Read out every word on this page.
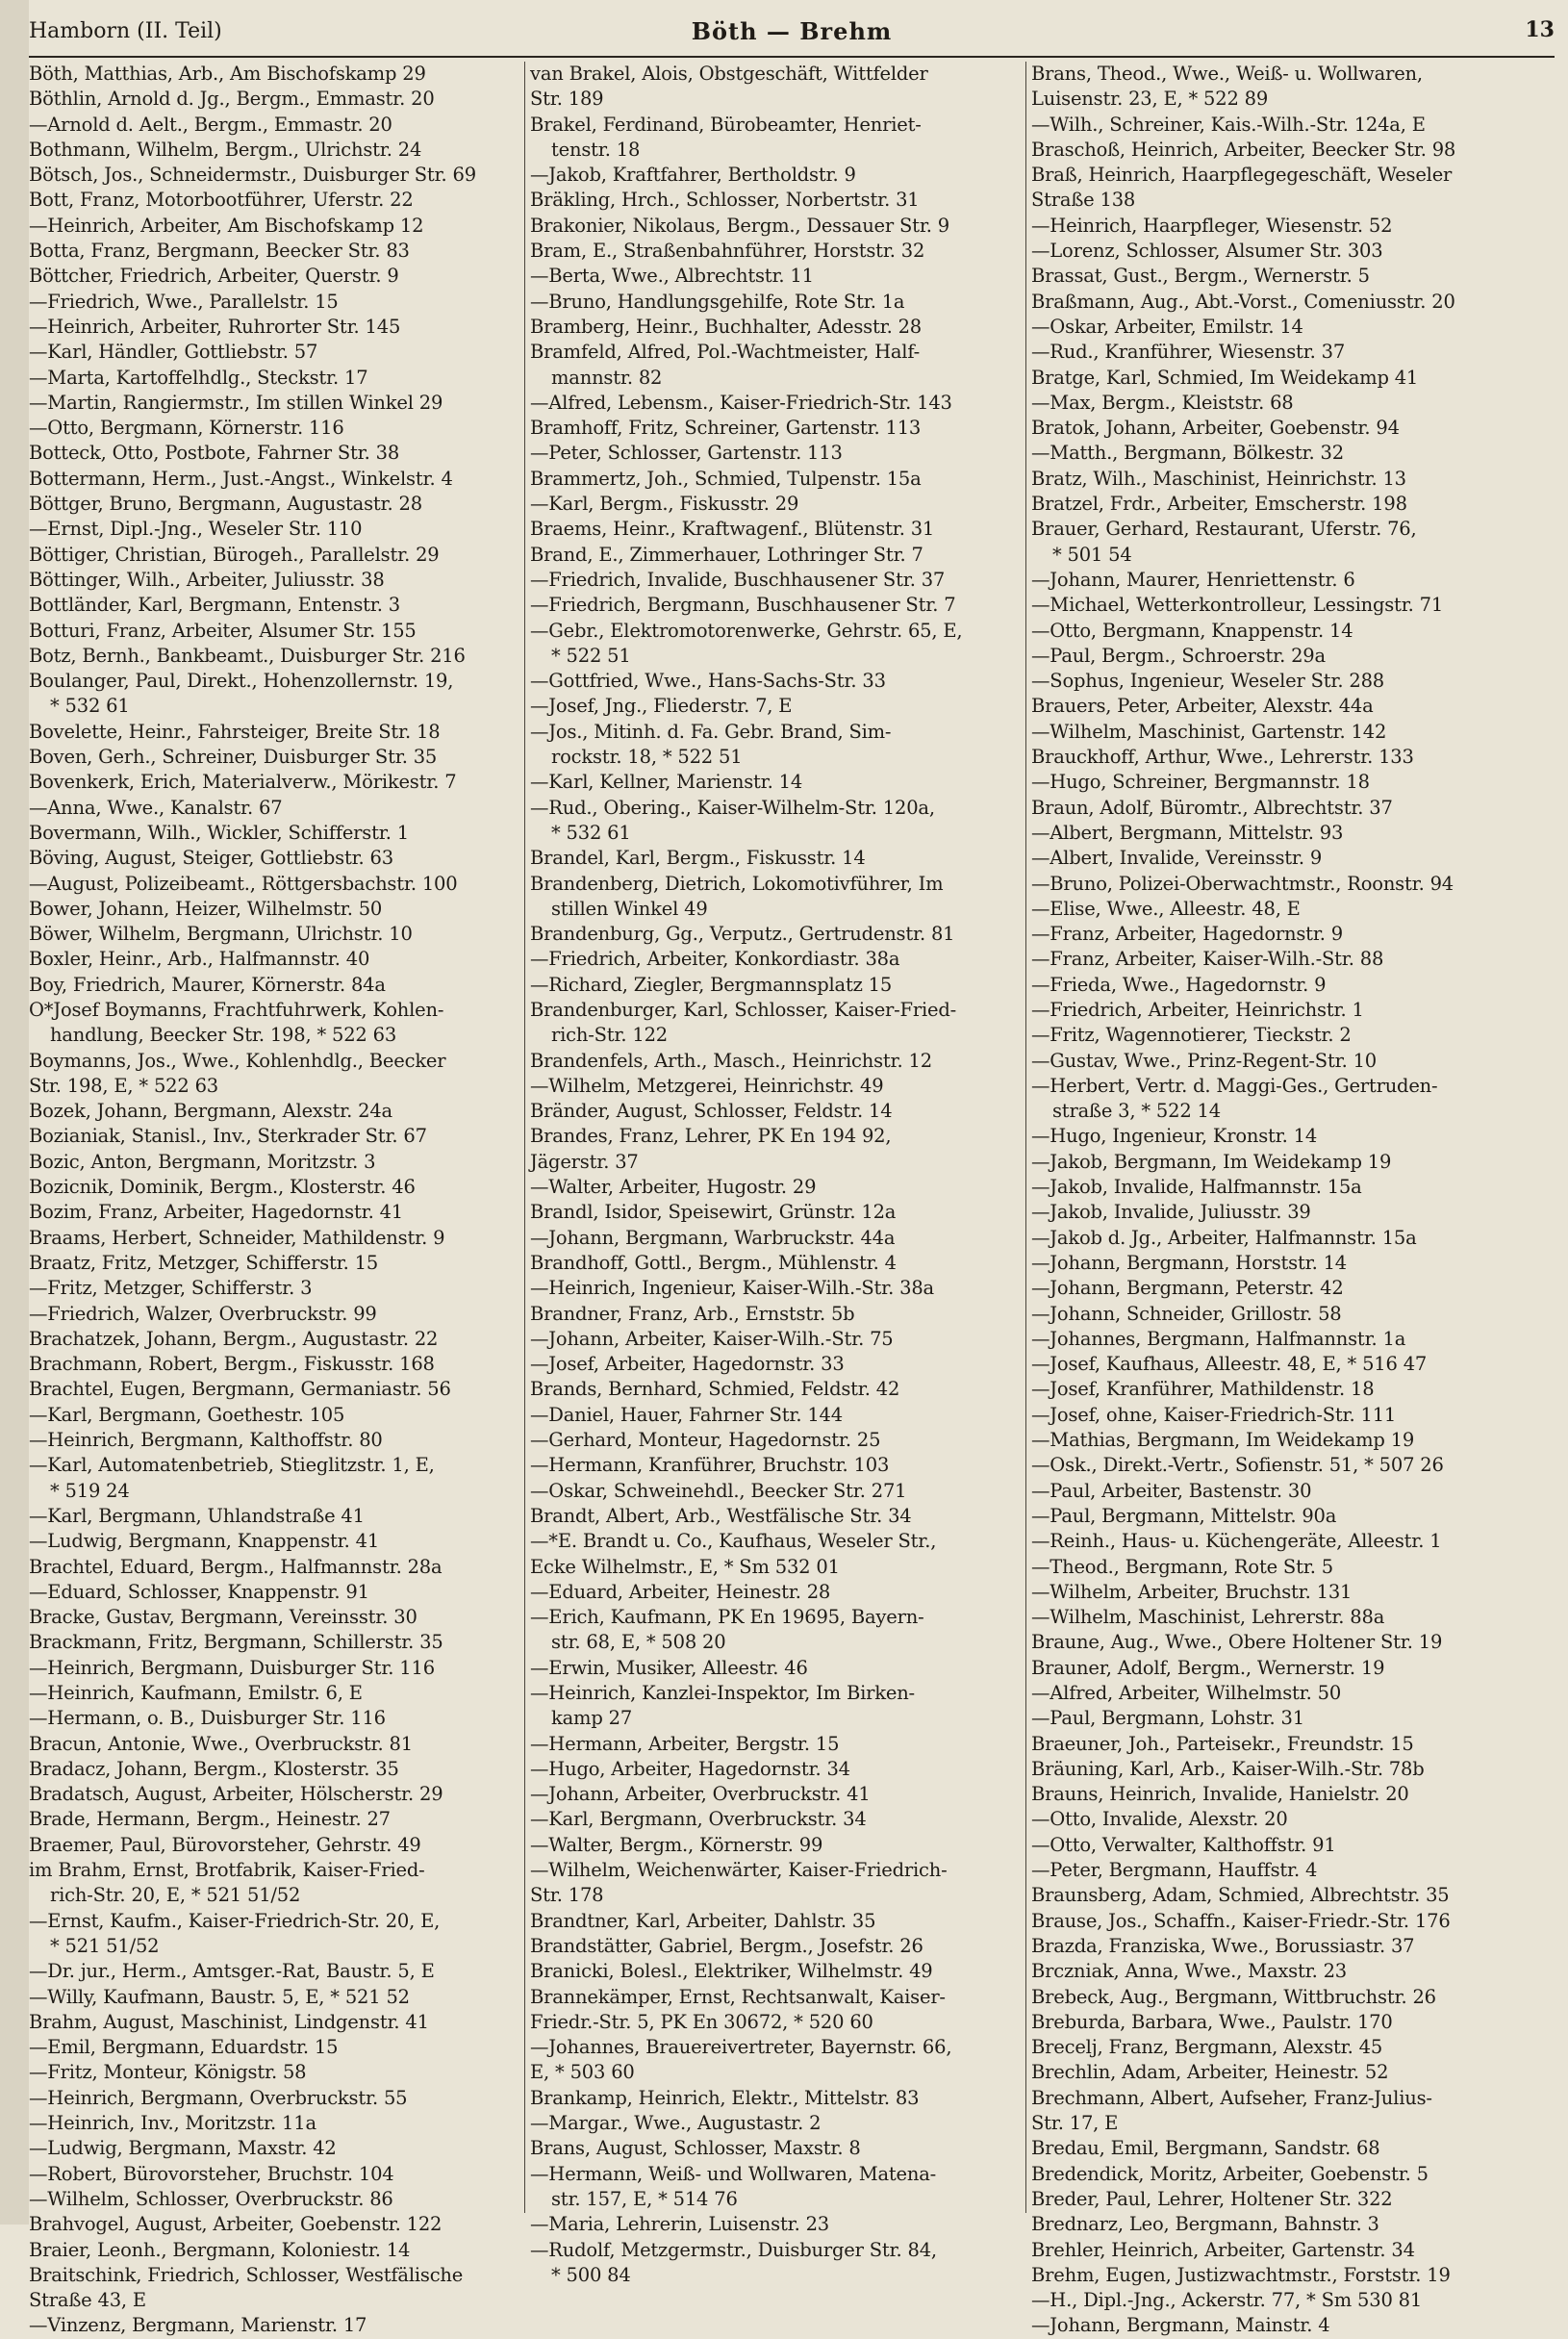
Hamborn (II. Teil)	Böth — Brehm	13
Böth, Matthias, Arb., Am Bischofskamp 29
Böthlin, Arnold d. Jg., Bergm., Emmastr. 20
—Arnold d. Aelt., Bergm., Emmastr. 20
Bothmann, Wilhelm, Bergm., Ulrichstr. 24
Bötsch, Jos., Schneidermstr., Duisburger Str. 69
Bott, Franz, Motorbootführer, Uferstr. 22
—Heinrich, Arbeiter, Am Bischofskamp 12
Botta, Franz, Bergmann, Beecker Str. 83
Böttcher, Friedrich, Arbeiter, Querstr. 9
—Friedrich, Wwe., Parallelstr. 15
—Heinrich, Arbeiter, Ruhrorter Str. 145
—Karl, Händler, Gottliebstr. 57
—Marta, Kartoffelhdlg., Steckstr. 17
—Martin, Rangiermstr., Im stillen Winkel 29
—Otto, Bergmann, Körnerstr. 116
Botteck, Otto, Postbote, Fahrner Str. 38
Bottermann, Herm., Just.-Angst., Winkelstr. 4
Böttger, Bruno, Bergmann, Augustastr. 28
—Ernst, Dipl.-Jng., Weseler Str. 110
Böttiger, Christian, Bürogeh., Parallelstr. 29
Böttinger, Wilh., Arbeiter, Juliusstr. 38
Bottländer, Karl, Bergmann, Entenstr. 3
Botturi, Franz, Arbeiter, Alsumer Str. 155
Botz, Bernh., Bankbeamt., Duisburger Str. 216
Boulanger, Paul, Direkt., Hohenzollernstr. 19,
* 532 61
Bovelette, Heinr., Fahrsteiger, Breite Str. 18
Boven, Gerh., Schreiner, Duisburger Str. 35
Bovenkerk, Erich, Materialverw., Mörikestr. 7
—Anna, Wwe., Kanalstr. 67
Bovermann, Wilh., Wickler, Schifferstr. 1
Böving, August, Steiger, Gottliebstr. 63
—August, Polizeibeamt., Röttgersbachstr. 100
Bower, Johann, Heizer, Wilhelmstr. 50
Böwer, Wilhelm, Bergmann, Ulrichstr. 10
Boxler, Heinr., Arb., Halfmannstr. 40
Boy, Friedrich, Maurer, Körnerstr. 84a
O*Josef Boymanns, Frachtfuhrwerk, Kohlen-
handlung, Beecker Str. 198, * 522 63
Boymanns, Jos., Wwe., Kohlenhdlg., Beecker
Str. 198, E, * 522 63
Bozek, Johann, Bergmann, Alexstr. 24a
Bozianiak, Stanisl., Inv., Sterkrader Str. 67
Bozic, Anton, Bergmann, Moritzstr. 3
Bozicnik, Dominik, Bergm., Klosterstr. 46
Bozim, Franz, Arbeiter, Hagedornstr. 41
Braams, Herbert, Schneider, Mathildenstr. 9
Braatz, Fritz, Metzger, Schifferstr. 15
—Fritz, Metzger, Schifferstr. 3
—Friedrich, Walzer, Overbruckstr. 99
Brachatzek, Johann, Bergm., Augustastr. 22
Brachmann, Robert, Bergm., Fiskusstr. 168
Brachtel, Eugen, Bergmann, Germaniastr. 56
—Karl, Bergmann, Goethestr. 105
—Heinrich, Bergmann, Kalthoffstr. 80
—Karl, Automatenbetrieb, Stieglitzstr. 1, E,
* 519 24
—Karl, Bergmann, Uhlandstraße 41
—Ludwig, Bergmann, Knappenstr. 41
Brachtel, Eduard, Bergm., Halfmannstr. 28a
—Eduard, Schlosser, Knappenstr. 91
Bracke, Gustav, Bergmann, Vereinsstr. 30
Brackmann, Fritz, Bergmann, Schillerstr. 35
—Heinrich, Bergmann, Duisburger Str. 116
—Heinrich, Kaufmann, Emilstr. 6, E
—Hermann, o. B., Duisburger Str. 116
Bracun, Antonie, Wwe., Overbruckstr. 81
Bradacz, Johann, Bergm., Klosterstr. 35
Bradatsch, August, Arbeiter, Hölscherstr. 29
Brade, Hermann, Bergm., Heinestr. 27
Braemer, Paul, Bürovorsteher, Gehrstr. 49
im Brahm, Ernst, Brotfabrik, Kaiser-Fried-
rich-Str. 20, E, * 521 51/52
—Ernst, Kaufm., Kaiser-Friedrich-Str. 20, E,
* 521 51/52
—Dr. jur., Herm., Amtsger.-Rat, Baustr. 5, E
—Willy, Kaufmann, Baustr. 5, E, * 521 52
Brahm, August, Maschinist, Lindgenstr. 41
—Emil, Bergmann, Eduardstr. 15
—Fritz, Monteur, Königstr. 58
—Heinrich, Bergmann, Overbruckstr. 55
—Heinrich, Inv., Moritzstr. 11a
—Ludwig, Bergmann, Maxstr. 42
—Robert, Bürovorsteher, Bruchstr. 104
—Wilhelm, Schlosser, Overbruckstr. 86
Brahvogel, August, Arbeiter, Goebenstr. 122
Braier, Leonh., Bergmann, Koloniestr. 14
Braitschink, Friedrich, Schlosser, Westfälische
Straße 43, E
—Vinzenz, Bergmann, Marienstr. 17
van Brakel, Alois, Obstgeschäft, Wittfelder
Str. 189
Brakel, Ferdinand, Bürobeamter, Henriet-
tenstr. 18
—Jakob, Kraftfahrer, Bertholdstr. 9
Bräkling, Hrch., Schlosser, Norbertstr. 31
Brakonier, Nikolaus, Bergm., Dessauer Str. 9
Bram, E., Straßenbahnführer, Horststr. 32
—Berta, Wwe., Albrechtstr. 11
—Bruno, Handlungsgehilfe, Rote Str. 1a
Bramberg, Heinr., Buchhalter, Adesstr. 28
Bramfeld, Alfred, Pol.-Wachtmeister, Half-
mannstr. 82
—Alfred, Lebensm., Kaiser-Friedrich-Str. 143
Bramhoff, Fritz, Schreiner, Gartenstr. 113
—Peter, Schlosser, Gartenstr. 113
Brammertz, Joh., Schmied, Tulpenstr. 15a
—Karl, Bergm., Fiskusstr. 29
Braems, Heinr., Kraftwagenf., Blütenstr. 31
Brand, E., Zimmerhauer, Lothringer Str. 7
—Friedrich, Invalide, Buschhausener Str. 37
—Friedrich, Bergmann, Buschhausener Str. 7
—Gebr., Elektromotorenwerke, Gehrstr. 65, E,
* 522 51
—Gottfried, Wwe., Hans-Sachs-Str. 33
—Josef, Jng., Fliederstr. 7, E
—Jos., Mitinh. d. Fa. Gebr. Brand, Sim-
rockstr. 18, * 522 51
—Karl, Kellner, Marienstr. 14
—Rud., Obering., Kaiser-Wilhelm-Str. 120a,
* 532 61
Brandel, Karl, Bergm., Fiskusstr. 14
Brandenberg, Dietrich, Lokomotivführer, Im
stillen Winkel 49
Brandenburg, Gg., Verputz., Gertrudenstr. 81
—Friedrich, Arbeiter, Konkordiastr. 38a
—Richard, Ziegler, Bergmannsplatz 15
Brandenburger, Karl, Schlosser, Kaiser-Fried-
rich-Str. 122
Brandenfels, Arth., Masch., Heinrichstr. 12
—Wilhelm, Metzgerei, Heinrichstr. 49
Bränder, August, Schlosser, Feldstr. 14
Brandes, Franz, Lehrer, PK En 194 92,
Jägerstr. 37
—Walter, Arbeiter, Hugostr. 29
Brandl, Isidor, Speisewirt, Grünstr. 12a
—Johann, Bergmann, Warbruckstr. 44a
Brandhoff, Gottl., Bergm., Mühlenstr. 4
—Heinrich, Ingenieur, Kaiser-Wilh.-Str. 38a
Brandner, Franz, Arb., Ernststr. 5b
—Johann, Arbeiter, Kaiser-Wilh.-Str. 75
—Josef, Arbeiter, Hagedornstr. 33
Brands, Bernhard, Schmied, Feldstr. 42
—Daniel, Hauer, Fahrner Str. 144
—Gerhard, Monteur, Hagedornstr. 25
—Hermann, Kranführer, Bruchstr. 103
—Oskar, Schweinehdl., Beecker Str. 271
Brandt, Albert, Arb., Westfälische Str. 34
—*E. Brandt u. Co., Kaufhaus, Weseler Str.,
Ecke Wilhelmstr., E, * Sm 532 01
—Eduard, Arbeiter, Heinestr. 28
—Erich, Kaufmann, PK En 19695, Bayern-
str. 68, E, * 508 20
—Erwin, Musiker, Alleestr. 46
—Heinrich, Kanzlei-Inspektor, Im Birken-
kamp 27
—Hermann, Arbeiter, Bergstr. 15
—Hugo, Arbeiter, Hagedornstr. 34
—Johann, Arbeiter, Overbruckstr. 41
—Karl, Bergmann, Overbruckstr. 34
—Walter, Bergm., Körnerstr. 99
—Wilhelm, Weichenwärter, Kaiser-Friedrich-
Str. 178
Brandtner, Karl, Arbeiter, Dahlstr. 35
Brandstätter, Gabriel, Bergm., Josefstr. 26
Branicki, Bolesl., Elektriker, Wilhelmstr. 49
Brannekämper, Ernst, Rechtsanwalt, Kaiser-
Friedr.-Str. 5, PK En 30672, * 520 60
—Johannes, Brauereivertreter, Bayernstr. 66,
E, * 503 60
Brankamp, Heinrich, Elektr., Mittelstr. 83
—Margar., Wwe., Augustastr. 2
Brans, August, Schlosser, Maxstr. 8
—Hermann, Weiß- und Wollwaren, Matena-
str. 157, E, * 514 76
—Maria, Lehrerin, Luisenstr. 23
—Rudolf, Metzgermstr., Duisburger Str. 84,
* 500 84
Brans, Theod., Wwe., Weiß- u. Wollwaren,
Luisenstr. 23, E, * 522 89
—Wilh., Schreiner, Kais.-Wilh.-Str. 124a, E
Braschoß, Heinrich, Arbeiter, Beecker Str. 98
Braß, Heinrich, Haarpflegegeschäft, Weseler
Straße 138
—Heinrich, Haarpfleger, Wiesenstr. 52
—Lorenz, Schlosser, Alsumer Str. 303
Brassat, Gust., Bergm., Wernerstr. 5
Braßmann, Aug., Abt.-Vorst., Comeniusstr. 20
—Oskar, Arbeiter, Emilstr. 14
—Rud., Kranführer, Wiesenstr. 37
Bratge, Karl, Schmied, Im Weidekamp 41
—Max, Bergm., Kleiststr. 68
Bratok, Johann, Arbeiter, Goebenstr. 94
—Matth., Bergmann, Bölkestr. 32
Bratz, Wilh., Maschinist, Heinrichstr. 13
Bratzel, Frdr., Arbeiter, Emscherstr. 198
Brauer, Gerhard, Restaurant, Uferstr. 76,
* 501 54
—Johann, Maurer, Henriettenstr. 6
—Michael, Wetterkontrolleur, Lessingstr. 71
—Otto, Bergmann, Knappenstr. 14
—Paul, Bergm., Schroerstr. 29a
—Sophus, Ingenieur, Weseler Str. 288
Brauers, Peter, Arbeiter, Alexstr. 44a
—Wilhelm, Maschinist, Gartenstr. 142
Brauckhoff, Arthur, Wwe., Lehrerstr. 133
—Hugo, Schreiner, Bergmannstr. 18
Braun, Adolf, Büromtr., Albrechtstr. 37
—Albert, Bergmann, Mittelstr. 93
—Albert, Invalide, Vereinsstr. 9
—Bruno, Polizei-Oberwachtmstr., Roonstr. 94
—Elise, Wwe., Alleestr. 48, E
—Franz, Arbeiter, Hagedornstr. 9
—Franz, Arbeiter, Kaiser-Wilh.-Str. 88
—Frieda, Wwe., Hagedornstr. 9
—Friedrich, Arbeiter, Heinrichstr. 1
—Fritz, Wagennotierer, Tieckstr. 2
—Gustav, Wwe., Prinz-Regent-Str. 10
—Herbert, Vertr. d. Maggi-Ges., Gertruden-
straße 3, * 522 14
—Hugo, Ingenieur, Kronstr. 14
—Jakob, Bergmann, Im Weidekamp 19
—Jakob, Invalide, Halfmannstr. 15a
—Jakob, Invalide, Juliusstr. 39
—Jakob d. Jg., Arbeiter, Halfmannstr. 15a
—Johann, Bergmann, Horststr. 14
—Johann, Bergmann, Peterstr. 42
—Johann, Schneider, Grillostr. 58
—Johannes, Bergmann, Halfmannstr. 1a
—Josef, Kaufhaus, Alleestr. 48, E, * 516 47
—Josef, Kranführer, Mathildenstr. 18
—Josef, ohne, Kaiser-Friedrich-Str. 111
—Mathias, Bergmann, Im Weidekamp 19
—Osk., Direkt.-Vertr., Sofienstr. 51, * 507 26
—Paul, Arbeiter, Bastenstr. 30
—Paul, Bergmann, Mittelstr. 90a
—Reinh., Haus- u. Küchengeräte, Alleestr. 1
—Theod., Bergmann, Rote Str. 5
—Wilhelm, Arbeiter, Bruchstr. 131
—Wilhelm, Maschinist, Lehrerstr. 88a
Braune, Aug., Wwe., Obere Holtener Str. 19
Brauner, Adolf, Bergm., Wernerstr. 19
—Alfred, Arbeiter, Wilhelmstr. 50
—Paul, Bergmann, Lohstr. 31
Braeuner, Joh., Parteisekr., Freundstr. 15
Bräuning, Karl, Arb., Kaiser-Wilh.-Str. 78b
Brauns, Heinrich, Invalide, Hanielstr. 20
—Otto, Invalide, Alexstr. 20
—Otto, Verwalter, Kalthoffstr. 91
—Peter, Bergmann, Hauffstr. 4
Braunsberg, Adam, Schmied, Albrechtstr. 35
Brause, Jos., Schaffn., Kaiser-Friedr.-Str. 176
Brazda, Franziska, Wwe., Borussiastr. 37
Brczniak, Anna, Wwe., Maxstr. 23
Brebeck, Aug., Bergmann, Wittbruchstr. 26
Breburda, Barbara, Wwe., Paulstr. 170
Brecelj, Franz, Bergmann, Alexstr. 45
Brechlin, Adam, Arbeiter, Heinestr. 52
Brechmann, Albert, Aufseher, Franz-Julius-
Str. 17, E
Bredau, Emil, Bergmann, Sandstr. 68
Bredendick, Moritz, Arbeiter, Goebenstr. 5
Breder, Paul, Lehrer, Holtener Str. 322
Brednarz, Leo, Bergmann, Bahnstr. 3
Brehler, Heinrich, Arbeiter, Gartenstr. 34
Brehm, Eugen, Justizwachtmstr., Forststr. 19
—H., Dipl.-Jng., Ackerstr. 77, * Sm 530 81
—Johann, Bergmann, Mainstr. 4
